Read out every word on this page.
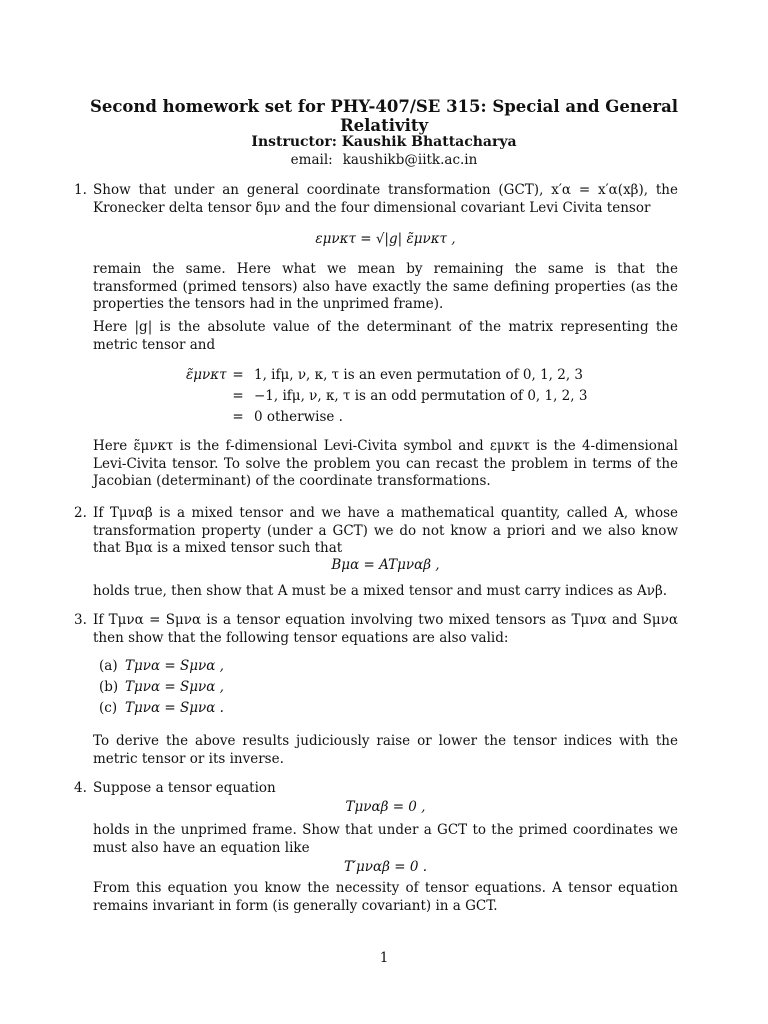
Second homework set for PHY-407/SE 315: Special and General Relativity
Instructor: Kaushik Bhattacharya
email: kaushikb@iitk.ac.in
1. Show that under an general coordinate transformation (GCT), x′α = x′α(xβ), the Kronecker delta tensor δμν and the four dimensional covariant Levi Civita tensor

εμνκτ = √|g| ε̃μνκτ ,

remain the same. Here what we mean by remaining the same is that the transformed (primed tensors) also have exactly the same defining properties (as the properties the tensors had in the unprimed frame).

Here |g| is the absolute value of the determinant of the matrix representing the metric tensor and

ε̃μνκτ = 1, ifμ, ν, κ, τ is an even permutation of 0, 1, 2, 3
= −1, ifμ, ν, κ, τ is an odd permutation of 0, 1, 2, 3
= 0 otherwise .

Here ε̃μνκτ is the f-dimensional Levi-Civita symbol and εμνκτ is the 4-dimensional Levi-Civita tensor. To solve the problem you can recast the problem in terms of the Jacobian (determinant) of the coordinate transformations.

2. If Tμναβ is a mixed tensor and we have a mathematical quantity, called A, whose transformation property (under a GCT) we do not know a priori and we also know that Bμα is a mixed tensor such that

Bμα = ATμναβ ,

holds true, then show that A must be a mixed tensor and must carry indices as Aνβ.

3. If Tμνα = Sμνα is a tensor equation involving two mixed tensors as Tμνα and Sμνα then show that the following tensor equations are also valid:

(a) Tμνα = Sμνα ,
(b) Tμνα = Sμνα ,
(c) Tμνα = Sμνα .

To derive the above results judiciously raise or lower the tensor indices with the metric tensor or its inverse.

4. Suppose a tensor equation

Tμναβ = 0 ,

holds in the unprimed frame. Show that under a GCT to the primed coordinates we must also have an equation like

T′μναβ = 0 .

From this equation you know the necessity of tensor equations. A tensor equation remains invariant in form (is generally covariant) in a GCT.

1
